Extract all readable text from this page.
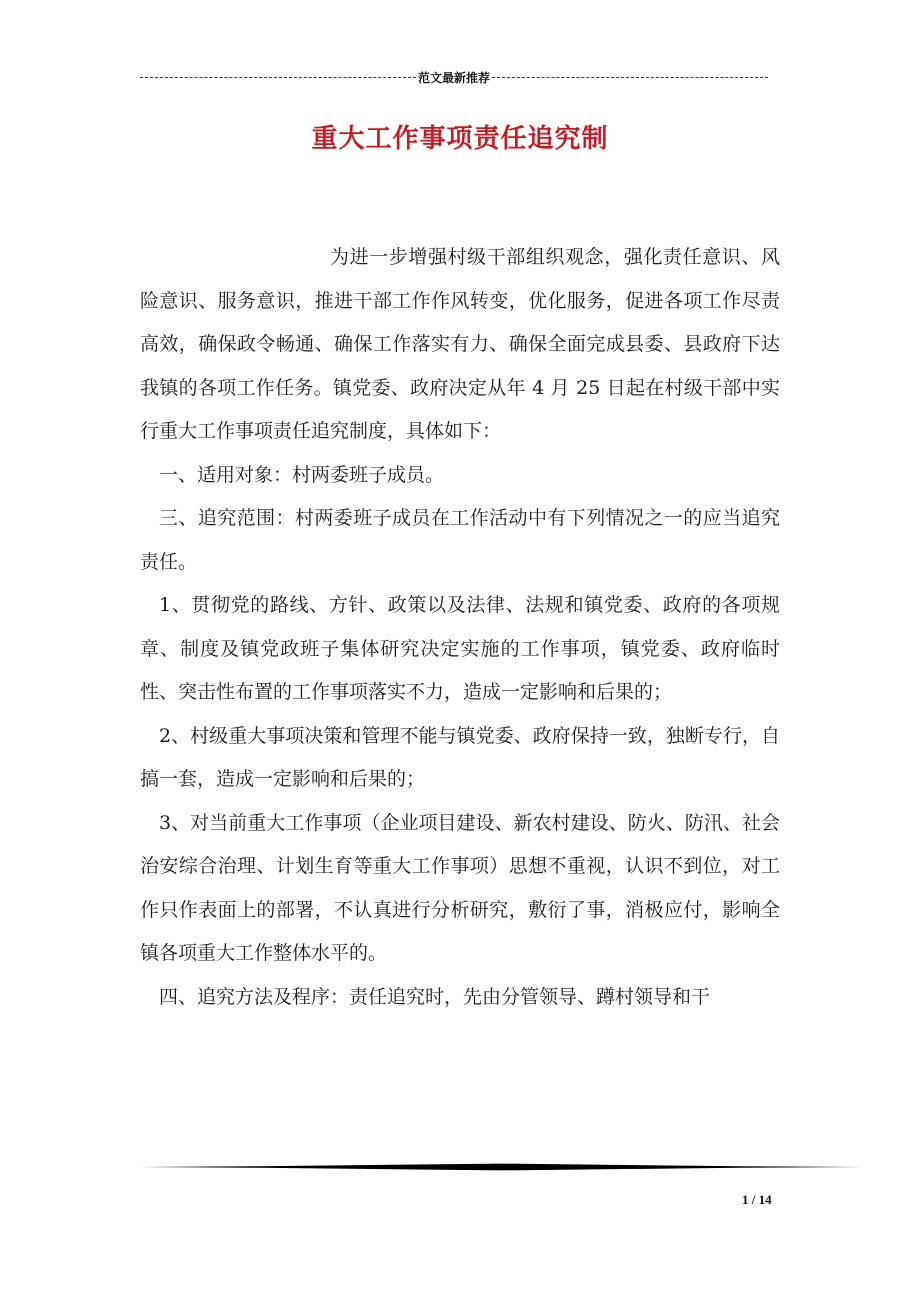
范文最新推荐
重大工作事项责任追究制

为进一步增强村级干部组织观念，强化责任意识、风险意识、服务意识，推进干部工作作风转变，优化服务，促进各项工作尽责高效，确保政令畅通、确保工作落实有力、确保全面完成县委、县政府下达我镇的各项工作任务。镇党委、政府决定从年 4 月 25 日起在村级干部中实行重大工作事项责任追究制度，具体如下：

一、适用对象：村两委班子成员。

三、追究范围：村两委班子成员在工作活动中有下列情况之一的应当追究责任。

1、贯彻党的路线、方针、政策以及法律、法规和镇党委、政府的各项规章、制度及镇党政班子集体研究决定实施的工作事项，镇党委、政府临时性、突击性布置的工作事项落实不力，造成一定影响和后果的；

2、村级重大事项决策和管理不能与镇党委、政府保持一致，独断专行，自搞一套，造成一定影响和后果的；

3、对当前重大工作事项（企业项目建设、新农村建设、防火、防汛、社会治安综合治理、计划生育等重大工作事项）思想不重视，认识不到位，对工作只作表面上的部署，不认真进行分析研究，敷衍了事，消极应付，影响全镇各项重大工作整体水平的。

四、追究方法及程序：责任追究时，先由分管领导、蹲村领导和干

1 / 14
